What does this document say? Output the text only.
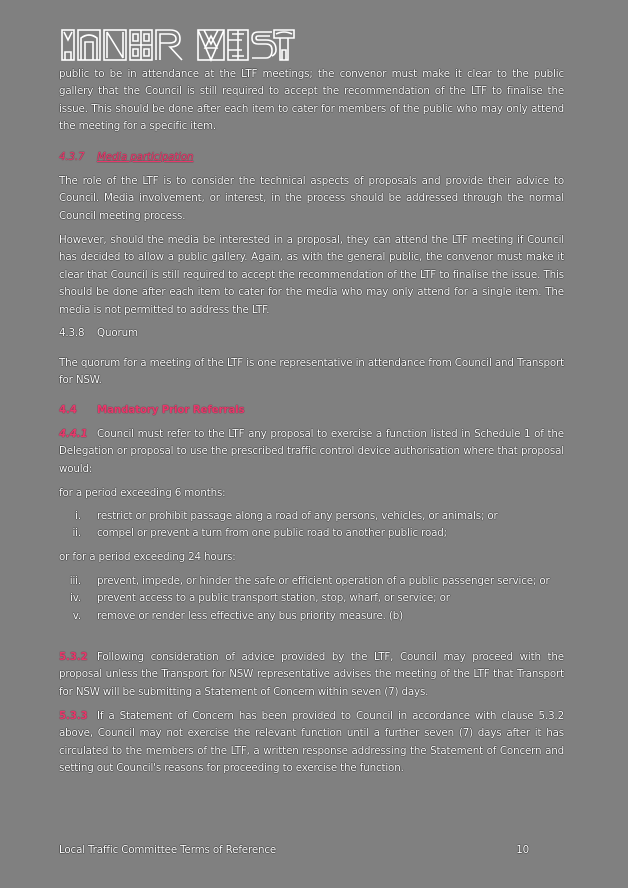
public to be in attendance at the LTF meetings; the convenor must make it clear to the public gallery that the Council is still required to accept the recommendation of the LTF to finalise the issue. This should be done after each item to cater for members of the public who may only attend the meeting for a specific item.

4.3.7 Media participation

The role of the LTF is to consider the technical aspects of proposals and provide their advice to Council. Media involvement, or interest, in the process should be addressed through the normal Council meeting process.

However, should the media be interested in a proposal, they can attend the LTF meeting if Council has decided to allow a public gallery. Again, as with the general public, the convenor must make it clear that Council is still required to accept the recommendation of the LTF to finalise the issue. This should be done after each item to cater for the media who may only attend for a single item. The media is not permitted to address the LTF.

4.3.8 Quorum

The quorum for a meeting of the LTF is one representative in attendance from Council and Transport for NSW.

4.4 Mandatory Prior Referrals

4.4.1 Council must refer to the LTF any proposal to exercise a function listed in Schedule 1 of the Delegation or proposal to use the prescribed traffic control device authorisation where that proposal would:

for a period exceeding 6 months:

i. restrict or prohibit passage along a road of any persons, vehicles, or animals; or
ii. compel or prevent a turn from one public road to another public road;

or for a period exceeding 24 hours:

iii. prevent, impede, or hinder the safe or efficient operation of a public passenger service; or
iv. prevent access to a public transport station, stop, wharf, or service; or
v. remove or render less effective any bus priority measure. (b)

5.3.2 Following consideration of advice provided by the LTF, Council may proceed with the proposal unless the Transport for NSW representative advises the meeting of the LTF that Transport for NSW will be submitting a Statement of Concern within seven (7) days.

5.3.3 If a Statement of Concern has been provided to Council in accordance with clause 5.3.2 above, Council may not exercise the relevant function until a further seven (7) days after it has circulated to the members of the LTF, a written response addressing the Statement of Concern and setting out Council's reasons for proceeding to exercise the function.

Local Traffic Committee Terms of Reference	10
